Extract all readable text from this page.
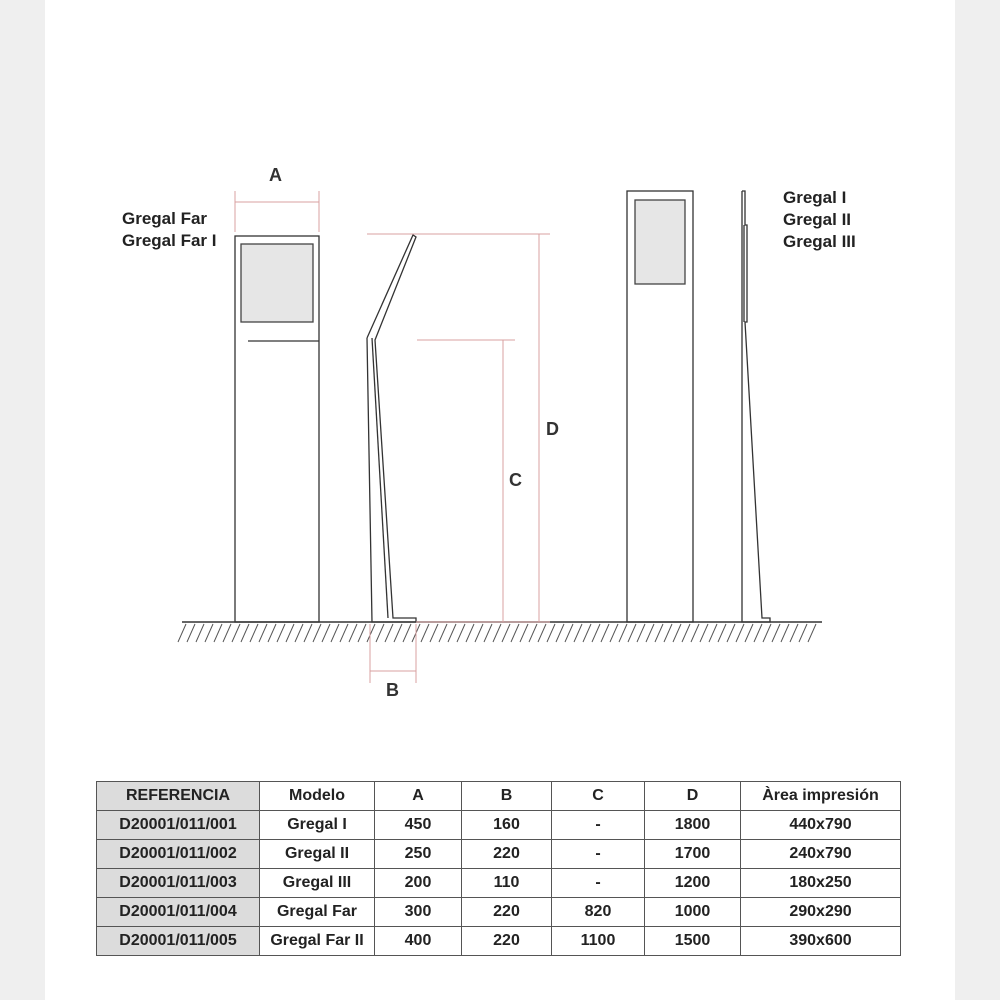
A
D
C
B
Gregal Far
Gregal Far I
Gregal I
Gregal II
Gregal III
REFERENCIA	Modelo	A	B	C	D	Àrea impresión
D20001/011/001	Gregal I	450	160	-	1800	440x790
D20001/011/002	Gregal II	250	220	-	1700	240x790
D20001/011/003	Gregal III	200	110	-	1200	180x250
D20001/011/004	Gregal Far	300	220	820	1000	290x290
D20001/011/005	Gregal Far II	400	220	1100	1500	390x600
